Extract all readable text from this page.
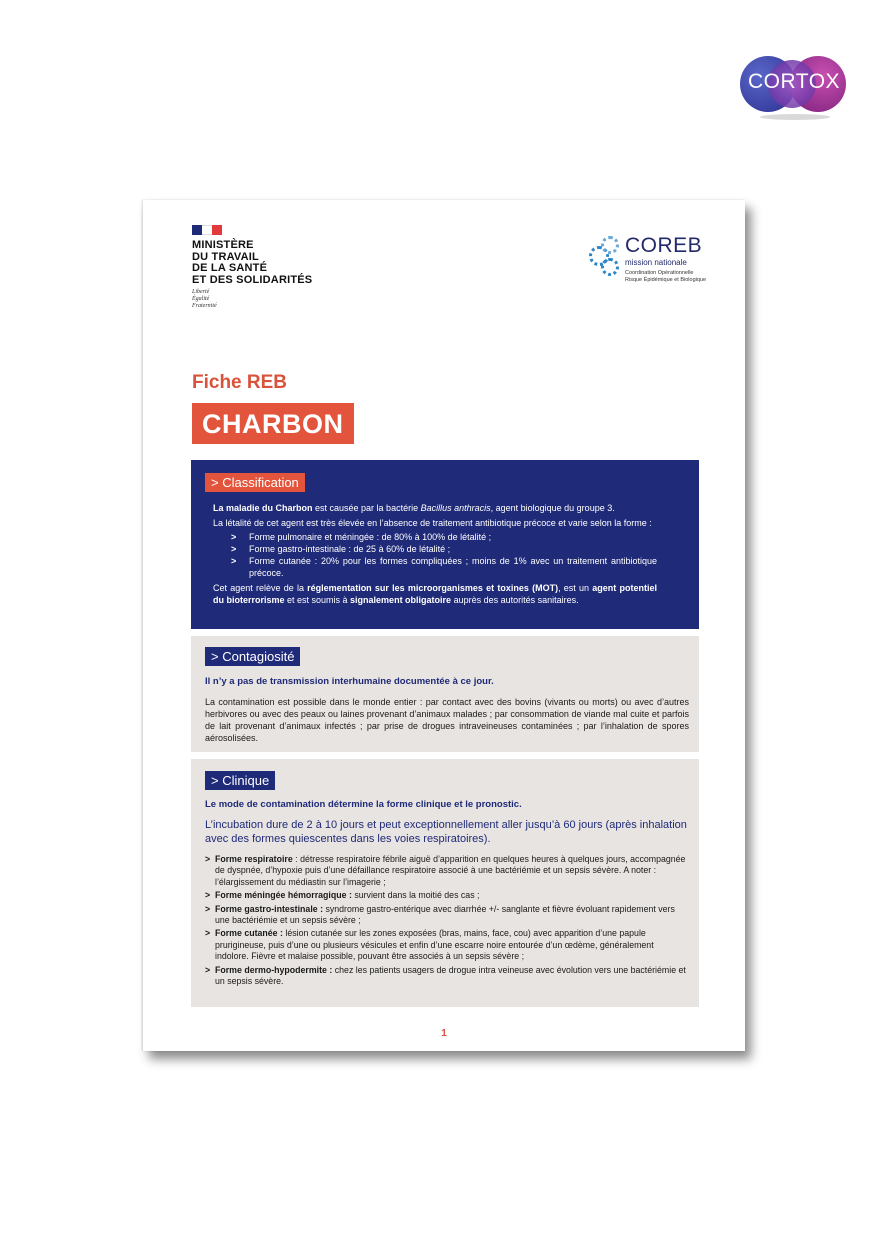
CORTOX
MINISTÈRE
DU TRAVAIL
DE LA SANTÉ
ET DES SOLIDARITÉS
Liberté
Égalité
Fraternité
COREB
mission nationale
Coordination Opérationnelle
Risque Épidémique et Biologique
Fiche REB
CHARBON
> Classification

La maladie du Charbon est causée par la bactérie Bacillus anthracis, agent biologique du groupe 3.

La létalité de cet agent est très élevée en l’absence de traitement antibiotique précoce et varie selon la forme :

> Forme pulmonaire et méningée : de 80% à 100% de létalité ;
> Forme gastro-intestinale : de 25 à 60% de létalité ;
> Forme cutanée : 20% pour les formes compliquées ; moins de 1% avec un traitement antibiotique précoce.

Cet agent relève de la réglementation sur les microorganismes et toxines (MOT), est un agent potentiel du bioterrorisme et est soumis à signalement obligatoire auprès des autorités sanitaires.

> Contagiosité

Il n’y a pas de transmission interhumaine documentée à ce jour.

La contamination est possible dans le monde entier : par contact avec des bovins (vivants ou morts) ou avec d’autres herbivores ou avec des peaux ou laines provenant d’animaux malades ; par consommation de viande mal cuite et parfois de lait provenant d’animaux infectés ; par prise de drogues intraveineuses contaminées ; par l’inhalation de spores aérosolisées.

> Clinique

Le mode de contamination détermine la forme clinique et le pronostic.

L’incubation dure de 2 à 10 jours et peut exceptionnellement aller jusqu’à 60 jours (après inhalation avec des formes quiescentes dans les voies respiratoires).

> Forme respiratoire : détresse respiratoire fébrile aiguë d’apparition en quelques heures à quelques jours, accompagnée de dyspnée, d’hypoxie puis d’une défaillance respiratoire associé à une bactériémie et un sepsis sévère. A noter : l’élargissement du médiastin sur l’imagerie ;
> Forme méningée hémorragique : survient dans la moitié des cas ;
> Forme gastro-intestinale : syndrome gastro-entérique avec diarrhée +/- sanglante et fièvre évoluant rapidement vers une bactériémie et un sepsis sévère ;
> Forme cutanée : lésion cutanée sur les zones exposées (bras, mains, face, cou) avec apparition d’une papule prurigineuse, puis d’une ou plusieurs vésicules et enfin d’une escarre noire entourée d’un œdème, généralement indolore. Fièvre et malaise possible, pouvant être associés à un sepsis sévère ;
> Forme dermo-hypodermite : chez les patients usagers de drogue intra veineuse avec évolution vers une bactériémie et un sepsis sévère.
1
